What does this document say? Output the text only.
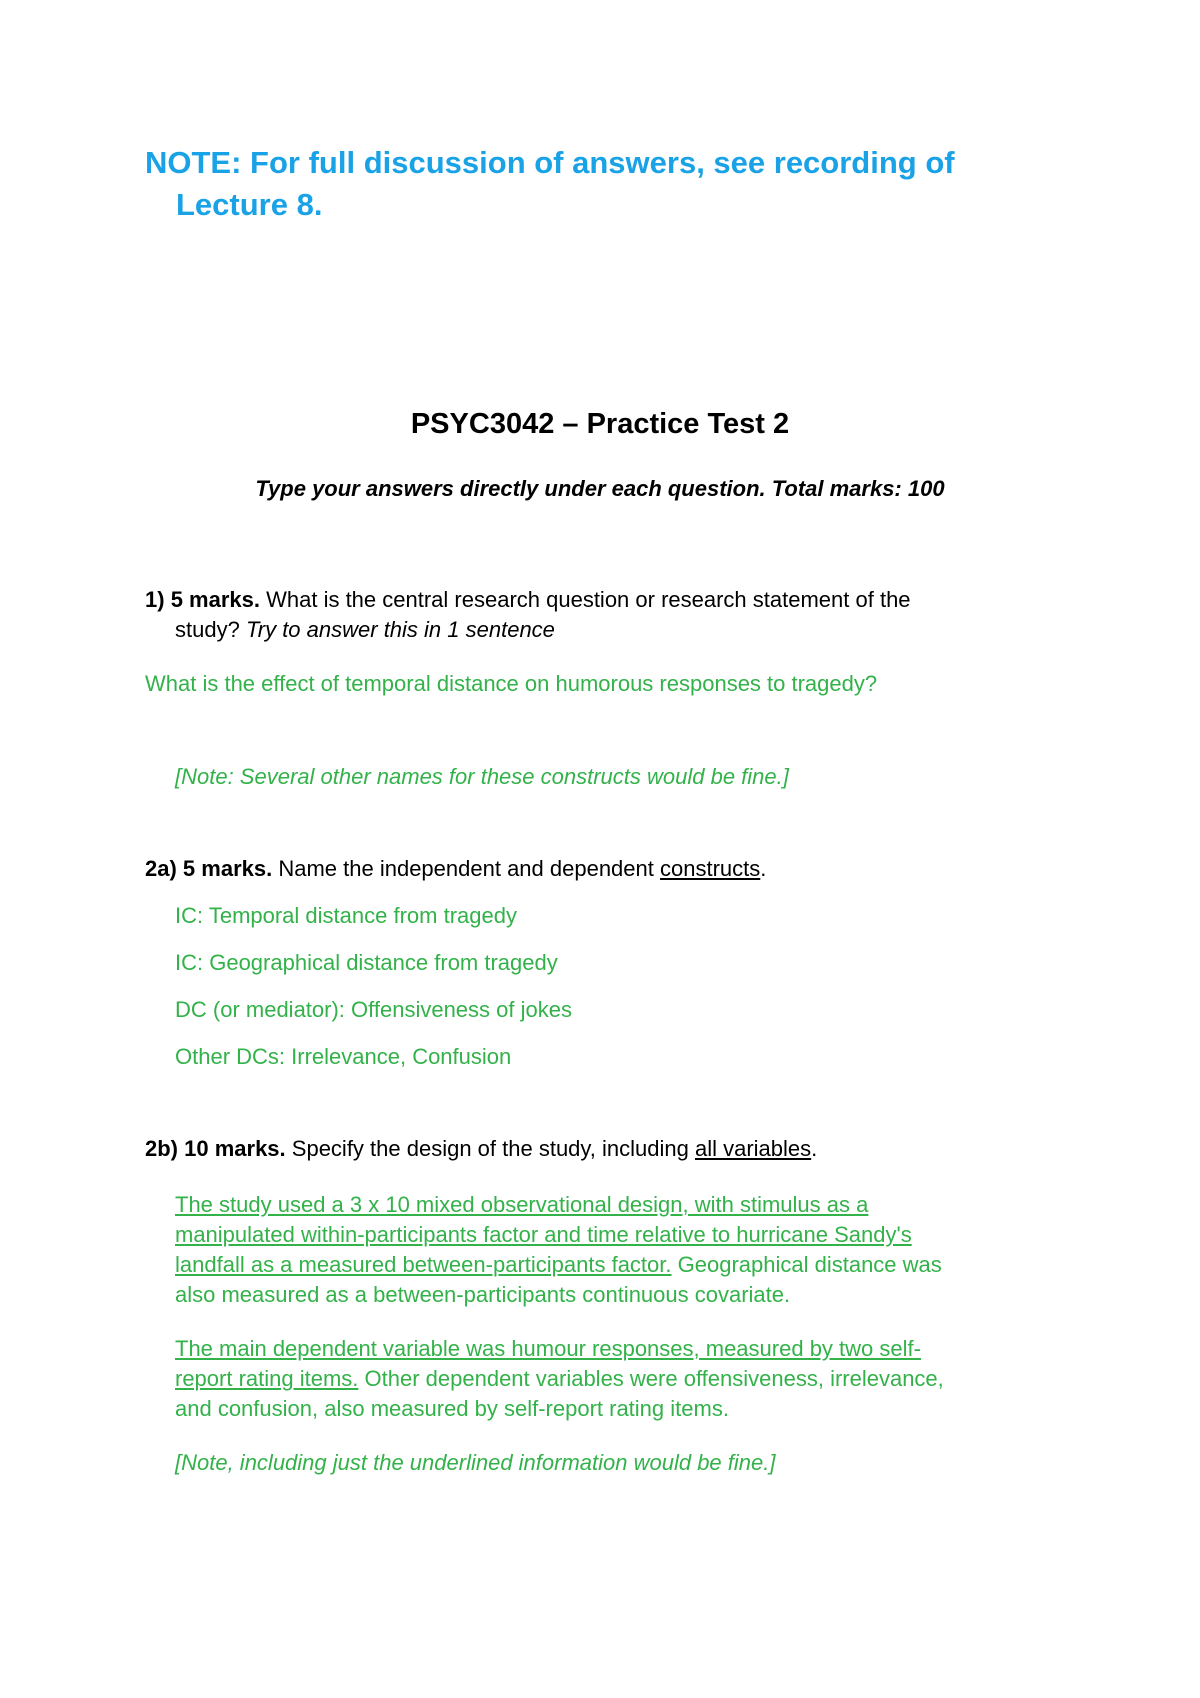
NOTE: For full discussion of answers, see recording of
Lecture 8.
PSYC3042 – Practice Test 2
Type your answers directly under each question. Total marks: 100
1) 5 marks. What is the central research question or research statement of the
study? Try to answer this in 1 sentence
What is the effect of temporal distance on humorous responses to tragedy?
[Note: Several other names for these constructs would be fine.]
2a) 5 marks. Name the independent and dependent constructs.
IC: Temporal distance from tragedy
IC: Geographical distance from tragedy
DC (or mediator): Offensiveness of jokes
Other DCs: Irrelevance, Confusion
2b) 10 marks. Specify the design of the study, including all variables.
The study used a 3 x 10 mixed observational design, with stimulus as a
manipulated within-participants factor and time relative to hurricane Sandy's
landfall as a measured between-participants factor. Geographical distance was
also measured as a between-participants continuous covariate.
The main dependent variable was humour responses, measured by two self-
report rating items. Other dependent variables were offensiveness, irrelevance,
and confusion, also measured by self-report rating items.
[Note, including just the underlined information would be fine.]
